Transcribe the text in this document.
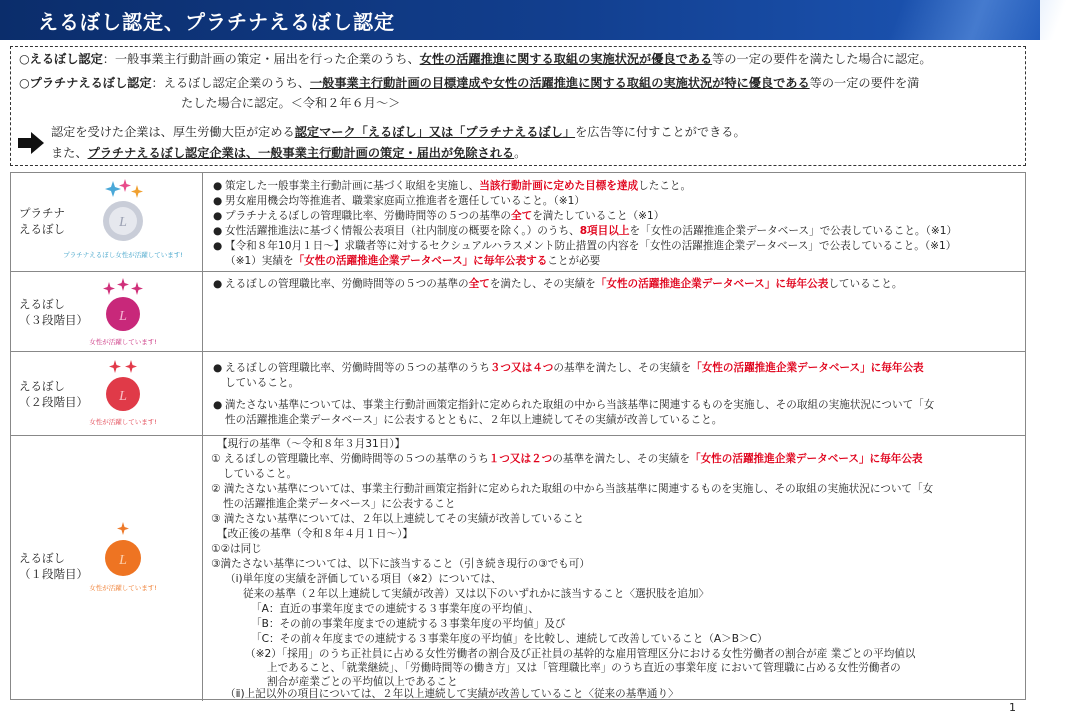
えるぼし認定、プラチナえるぼし認定
○えるぼし認定：一般事業主行動計画の策定・届出を行った企業のうち、女性の活躍推進に関する取組の実施状況が優良である等の一定の要件を満たした場合に認定。
○プラチナえるぼし認定：えるぼし認定企業のうち、一般事業主行動計画の目標達成や女性の活躍推進に関する取組の実施状況が特に優良である等の一定の要件を満
たした場合に認定。＜令和２年６月～＞
認定を受けた企業は、厚生労働大臣が定める認定マーク「えるぼし」又は「プラチナえるぼし」を広告等に付すことができる。
また、プラチナえるぼし認定企業は、一般事業主行動計画の策定・届出が免除される。
プラチナ
えるぼし	L
プラチナえるぼし女性が活躍しています!
● 策定した一般事業主行動計画に基づく取組を実施し、当該行動計画に定めた目標を達成したこと。
● 男女雇用機会均等推進者、職業家庭両立推進者を選任していること。（※1）
● プラチナえるぼしの管理職比率、労働時間等の５つの基準の全てを満たしていること（※1）
● 女性活躍推進法に基づく情報公表項目（社内制度の概要を除く。）のうち、8項目以上を「女性の活躍推進企業データベース」で公表していること。（※1）
● 【令和８年10月１日～】求職者等に対するセクシュアルハラスメント防止措置の内容を「女性の活躍推進企業データベース」で公表していること。（※1）
（※1）実績を「女性の活躍推進企業データベース」に毎年公表することが必要
えるぼし
（３段階目） L
女性が活躍しています!
● えるぼしの管理職比率、労働時間等の５つの基準の全てを満たし、その実績を「女性の活躍推進企業データベース」に毎年公表していること。
えるぼし
（２段階目） L
女性が活躍しています!
● えるぼしの管理職比率、労働時間等の５つの基準のうち３つ又は４つの基準を満たし、その実績を「女性の活躍推進企業データベース」に毎年公表
していること。
● 満たさない基準については、事業主行動計画策定指針に定められた取組の中から当該基準に関連するものを実施し、その取組の実施状況について「女
性の活躍推進企業データベース」に公表するとともに、２年以上連続してその実績が改善していること。
えるぼし
（１段階目）
L
女性が活躍しています!
【現行の基準（～令和８年３月31日）】
① えるぼしの管理職比率、労働時間等の５つの基準のうち１つ又は２つの基準を満たし、その実績を「女性の活躍推進企業データベース」に毎年公表
していること。
② 満たさない基準については、事業主行動計画策定指針に定められた取組の中から当該基準に関連するものを実施し、その取組の実施状況について「女
性の活躍推進企業データベース」に公表すること
③ 満たさない基準については、２年以上連続してその実績が改善していること
【改正後の基準（令和８年４月１日～）】
①②は同じ
③満たさない基準については、以下に該当すること（引き続き現行の③でも可）
（ⅰ)単年度の実績を評価している項目（※2）については、
従来の基準（２年以上連続して実績が改善）又は以下のいずれかに該当すること〈選択肢を追加〉
「A：直近の事業年度までの連続する３事業年度の平均値」、
「B：その前の事業年度までの連続する３事業年度の平均値」及び
「C：その前々年度までの連続する３事業年度の平均値」を比較し、連続して改善していること（A＞B＞C）
（※2）「採用」のうち正社員に占める女性労働者の割合及び正社員の基幹的な雇用管理区分における女性労働者の割合が産 業ごとの平均値以
上であること、「就業継続」、「労働時間等の働き方」又は「管理職比率」のうち直近の事業年度 において管理職に占める女性労働者の
割合が産業ごとの平均値以上であること
（ⅱ)上記以外の項目については、２年以上連続して実績が改善していること〈従来の基準通り〉
1
